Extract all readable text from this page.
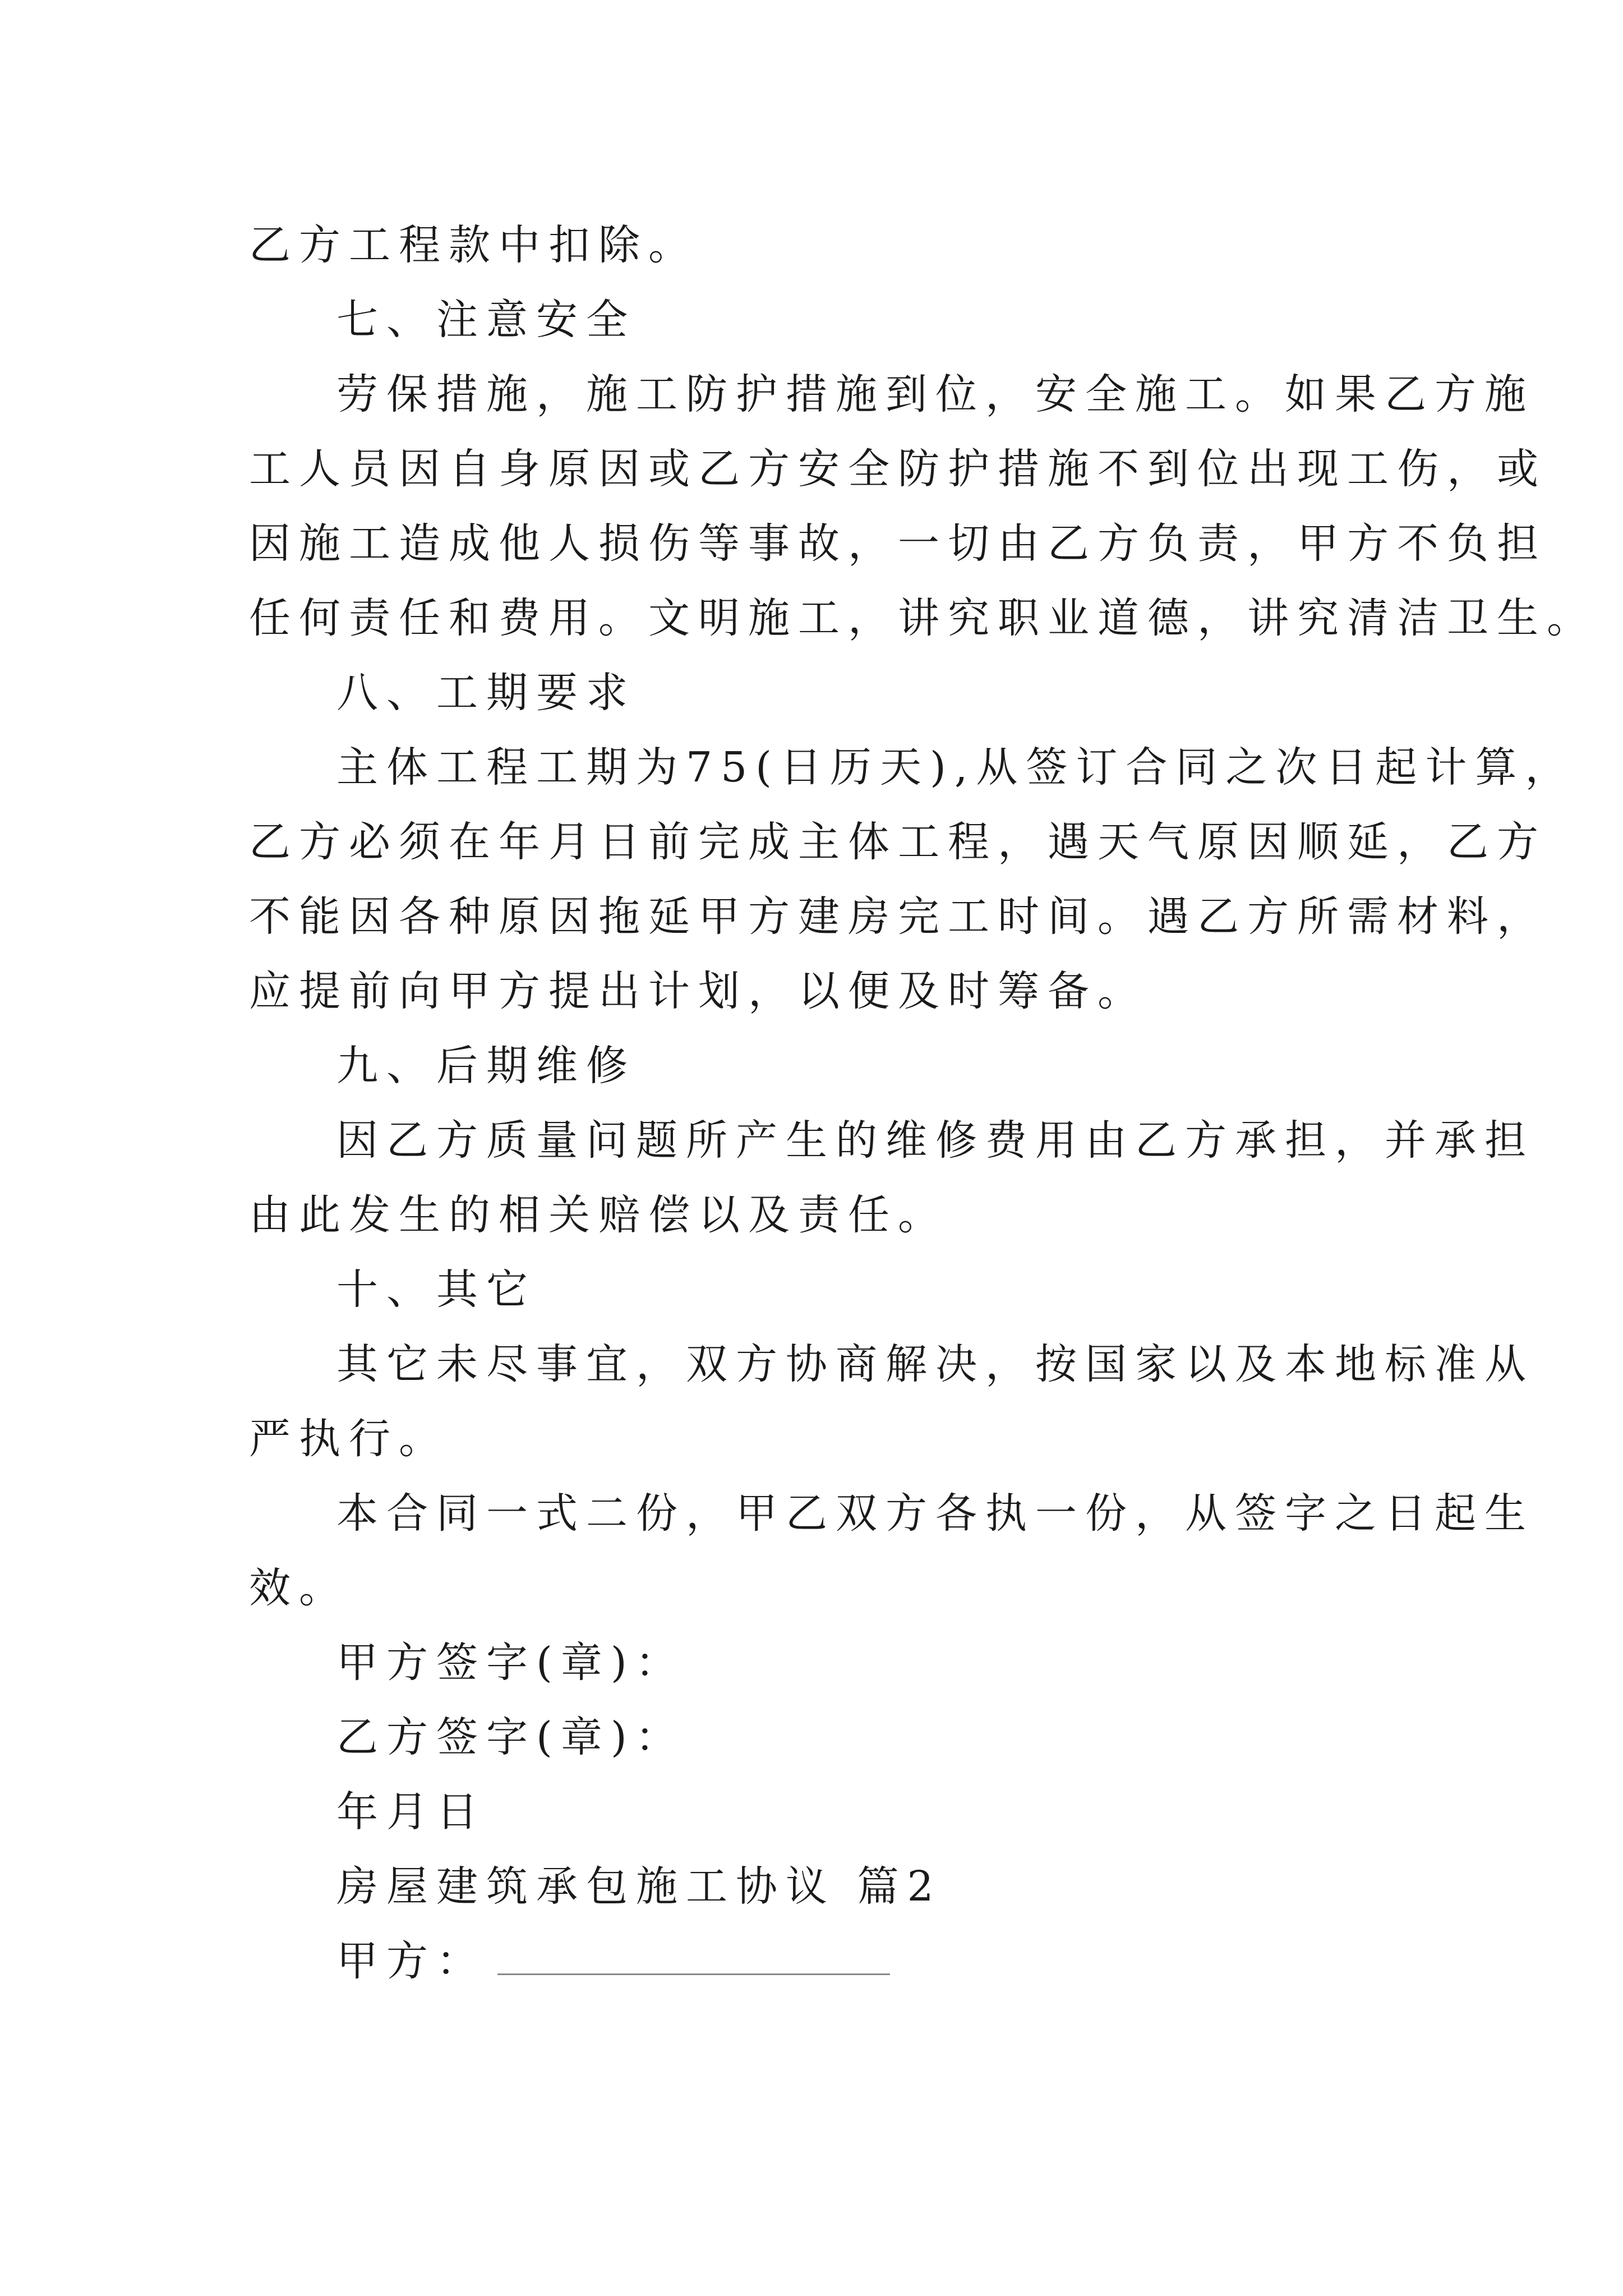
乙方工程款中扣除。
七、注意安全
劳保措施，施工防护措施到位，安全施工。如果乙方施
工人员因自身原因或乙方安全防护措施不到位出现工伤，或
因施工造成他人损伤等事故，一切由乙方负责，甲方不负担
任何责任和费用。文明施工，讲究职业道德，讲究清洁卫生。
八、工期要求
主体工程工期为75(日历天),从签订合同之次日起计算，
乙方必须在年月日前完成主体工程，遇天气原因顺延，乙方
不能因各种原因拖延甲方建房完工时间。遇乙方所需材料，
应提前向甲方提出计划，以便及时筹备。
九、后期维修
因乙方质量问题所产生的维修费用由乙方承担，并承担
由此发生的相关赔偿以及责任。
十、其它
其它未尽事宜，双方协商解决，按国家以及本地标准从
严执行。
本合同一式二份，甲乙双方各执一份，从签字之日起生
效。
甲方签字(章)：
乙方签字(章)：
年月日
房屋建筑承包施工协议 篇2
甲方：
